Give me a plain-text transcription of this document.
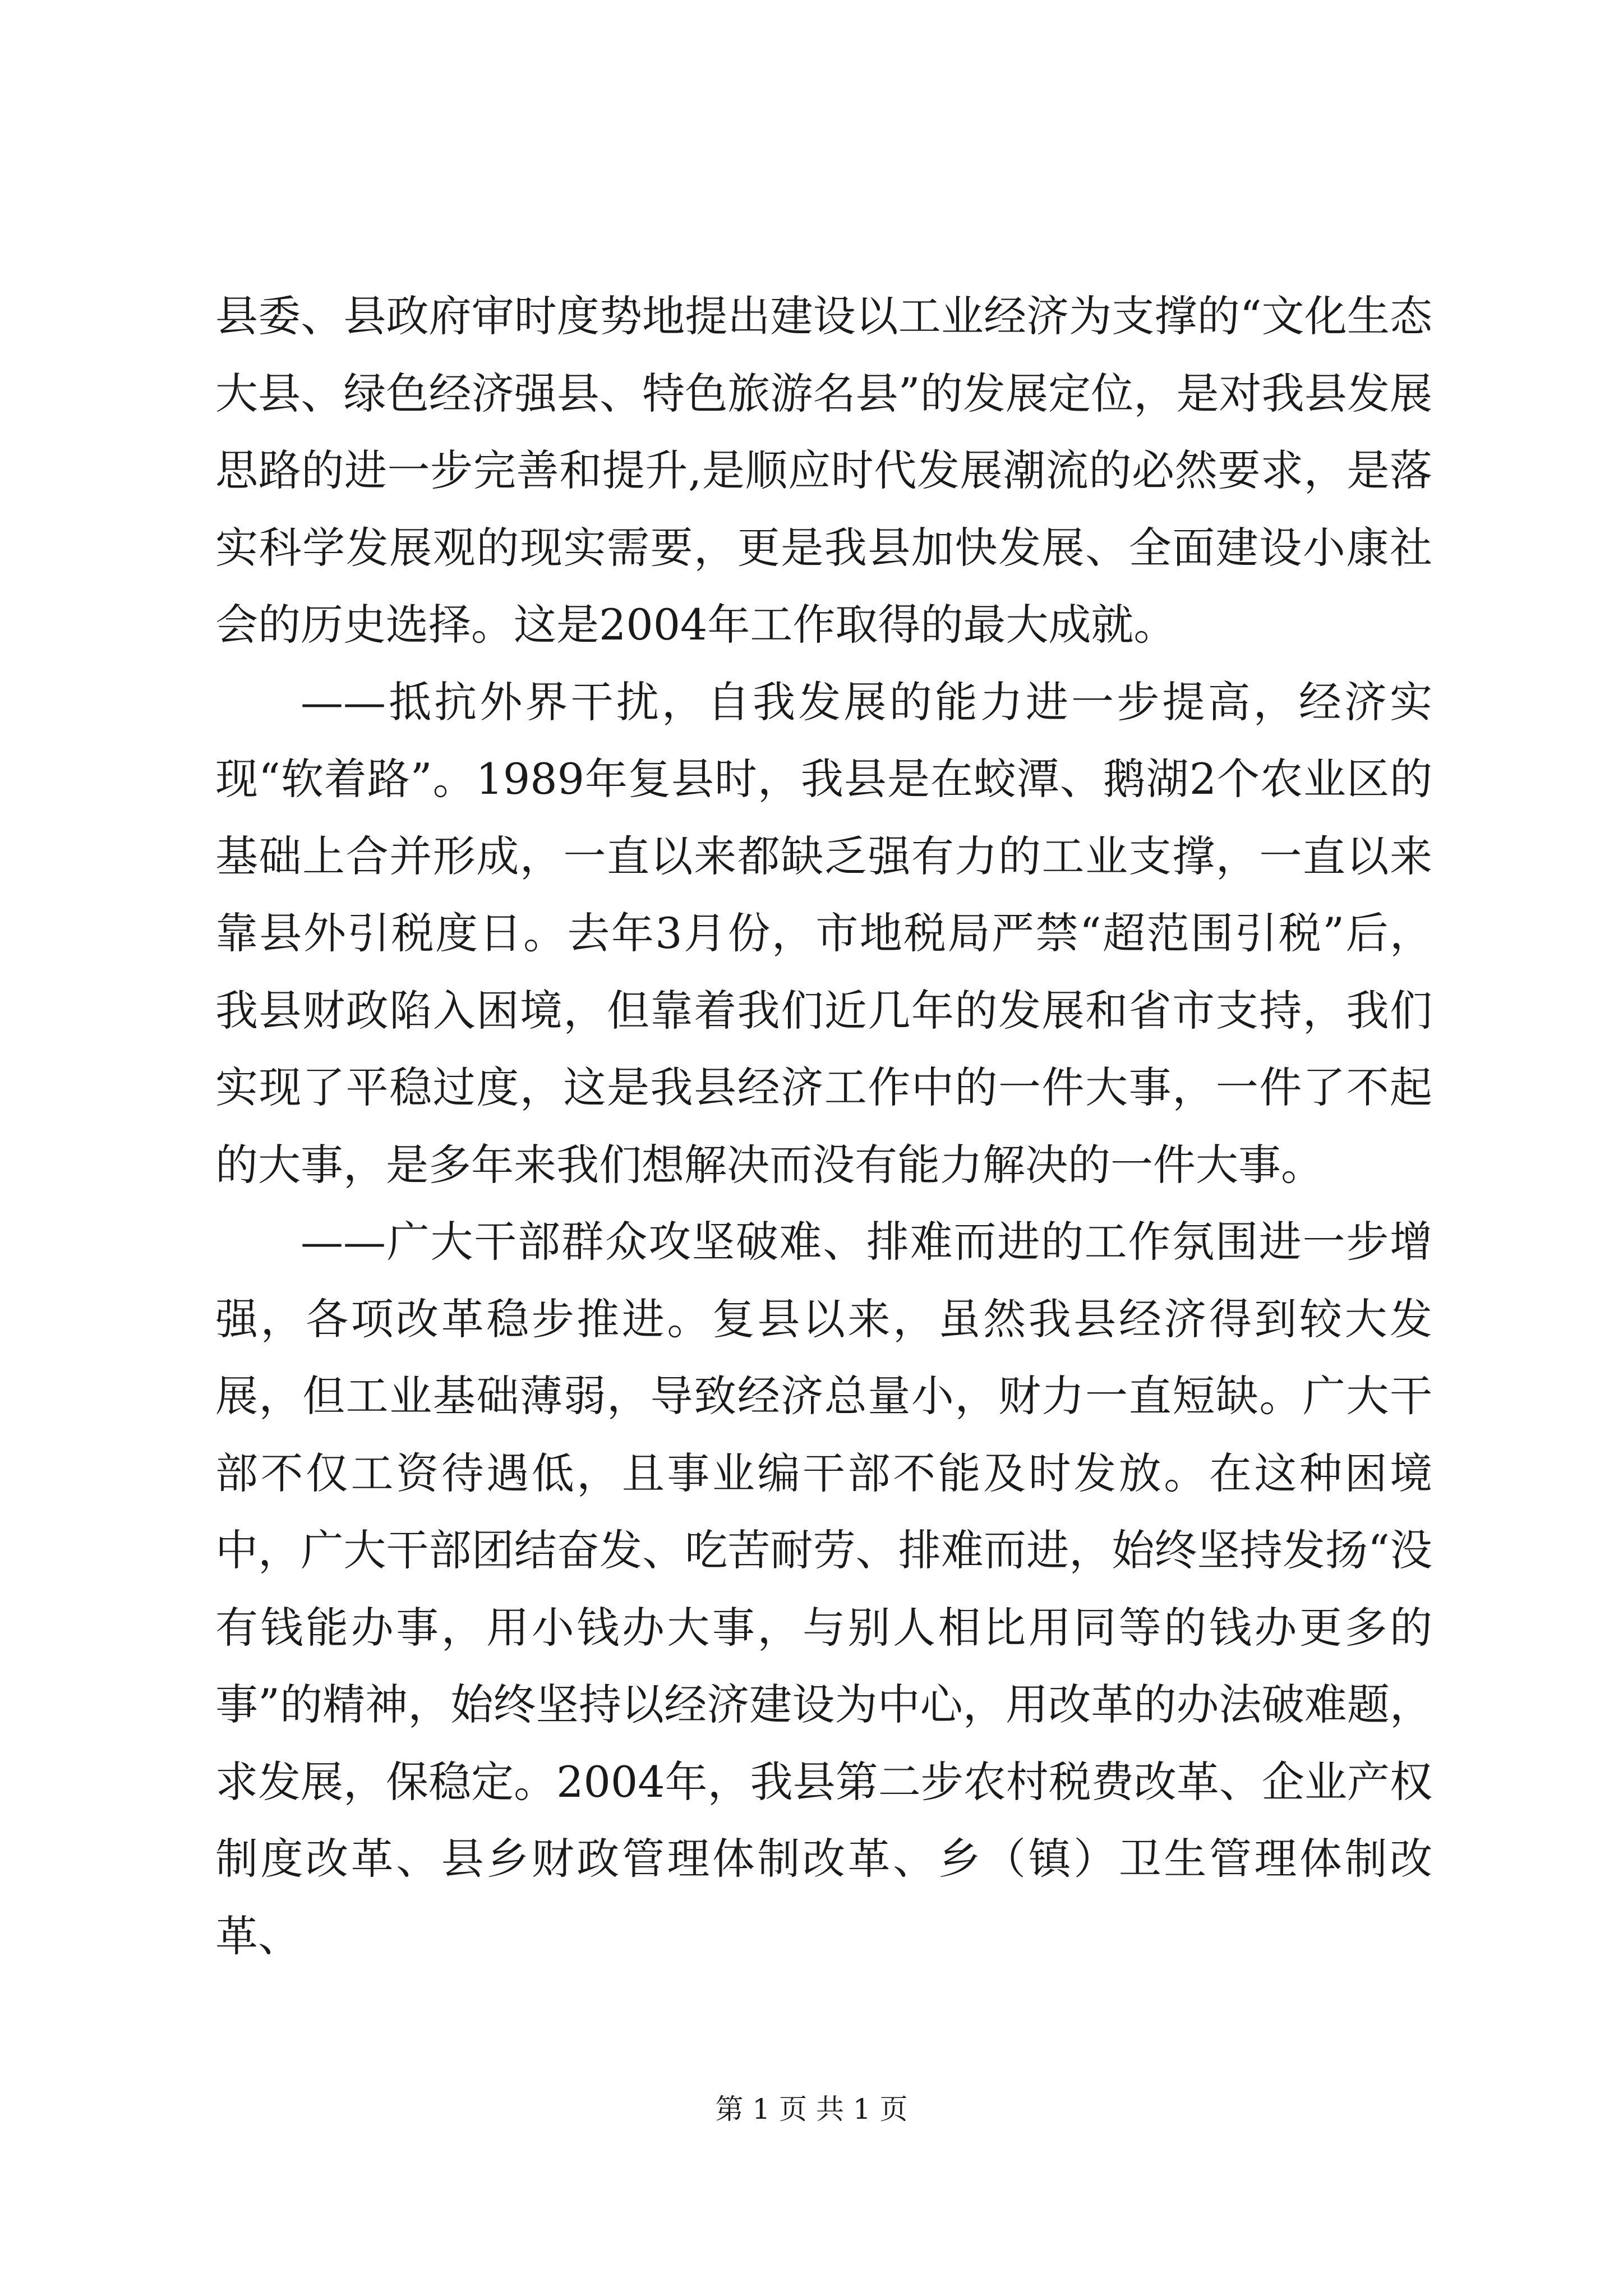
县委、县政府审时度势地提出建设以工业经济为支撑的“文化生态大县、绿色经济强县、特色旅游名县”的发展定位，是对我县发展思路的进一步完善和提升,是顺应时代发展潮流的必然要求，是落实科学发展观的现实需要，更是我县加快发展、全面建设小康社会的历史选择。这是2004年工作取得的最大成就。

——抵抗外界干扰，自我发展的能力进一步提高，经济实现“软着路”。1989年复县时，我县是在蛟潭、鹅湖2个农业区的基础上合并形成，一直以来都缺乏强有力的工业支撑，一直以来靠县外引税度日。去年3月份，市地税局严禁“超范围引税”后，我县财政陷入困境，但靠着我们近几年的发展和省市支持，我们实现了平稳过度，这是我县经济工作中的一件大事，一件了不起的大事，是多年来我们想解决而没有能力解决的一件大事。

——广大干部群众攻坚破难、排难而进的工作氛围进一步增强，各项改革稳步推进。复县以来，虽然我县经济得到较大发展，但工业基础薄弱，导致经济总量小，财力一直短缺。广大干部不仅工资待遇低，且事业编干部不能及时发放。在这种困境中，广大干部团结奋发、吃苦耐劳、排难而进，始终坚持发扬“没有钱能办事，用小钱办大事，与别人相比用同等的钱办更多的事”的精神，始终坚持以经济建设为中心，用改革的办法破难题，求发展，保稳定。2004年，我县第二步农村税费改革、企业产权制度改革、县乡财政管理体制改革、乡（镇）卫生管理体制改革、

第 1 页 共 1 页
